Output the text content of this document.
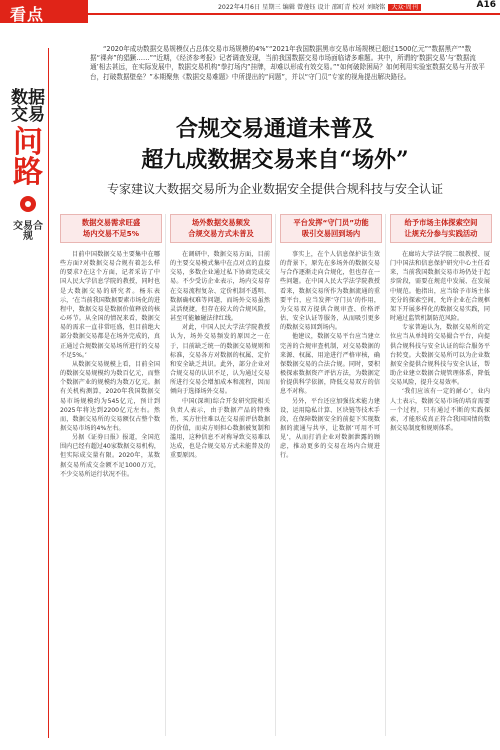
看点	2022年4月6日 星期三 编辑 曾莲钰 设计 邵町青 校对 刘晓铭 大众·周刊	A16
“2020年成功数据交易规模仅占总体交易市场规模的4%”“2021年我国数据黑市交易市场规模已超过1500亿元”“数据黑产”“数据“裸奔”的猖獗……”“近期，《经济参考报》记者调查发现，当前我国数据交易市场面临诸多难题。其中，所谓的‘数据交易’与‘数据流通’相去甚远，在实际发展中，数据交易机构“拳打场内”挂牌，却难以形成有效交易。”“如何破除困局？如何利用实验室数据交易与开放平台，打破数据壁垒？”本期聚焦《数据交易难题》中所提出的“问题”，并以“守门员”专家的视角提出解决路径。
数据交易
问路
交易合规
合规交易通道未普及
超九成数据交易来自“场外”
专家建议大数据交易所为企业数据安全提供合规科技与安全认证
数据交易需求旺盛
场内交易不足5%

目前中国数据交易主要集中在哪些方面?对数据交易合规有着怎么样的要求?在这个方面，记者采访了中国人民大学信息学院的教授，同时也是大数据交易的研究者。杨东表示，‘在当前我国数据要素市场化的进程中，数据交易是数据价值释放的核心环节。从全国的情况来看，数据交易的需求一直非常旺盛，但目前绝大部分数据交易都是在场外完成的，真正通过合规数据交易场所进行的交易不足5%。’

从数据交易规模上看，目前全国的数据交易规模约为数百亿元，而整个数据产业的规模约为数万亿元。据有关机构测算，2020年我国数据交易市场规模约为545亿元，预计到2025年将达到2200亿元左右。然而，数据交易所的交易额仅占整个数据交易市场的4%左右。

另据《证券日报》报道，全国范围内已经有超过40家数据交易机构，但实际成交量有限。2020年，某数据交易所成交金额不足1000万元，不少交易所运行状况不佳。

场外数据交易频发
合规交易方式未普及

在调研中，数据交易方面，目前的主要交易模式集中在点对点的直接交易，多数企业通过私下协商完成交易。不少受访企业表示，场内交易存在交易流程复杂、定价机制不透明、数据确权难等问题，而场外交易虽然灵活便捷，但存在较大的合规风险，甚至可能触碰法律红线。

对此，中国人民大学法学院教授认为，场外交易频发的原因之一在于，目前缺乏统一的数据交易规则和标准，交易各方对数据的权属、定价和安全缺乏共识。此外，部分企业对合规交易的认识不足，认为通过交易所进行交易会增加成本和流程，因而倾向于选择场外交易。

中国(深圳)综合开发研究院相关负责人表示，由于数据产品的特殊性，买方往往难以在交易前评估数据的价值，而卖方则担心数据被复制和滥用，这种信息不对称导致交易难以达成，也是合规交易方式未能普及的重要原因。

平台发挥“守门员”功能
吸引交易回到场内

事实上，在个人信息保护法生效的背景下，原先在多场外的数据交易与合作逐渐走向合规化，但也存在一些问题。在中国人民大学法学院教授看来，数据交易所作为数据流通的重要平台，应当发挥‘守门员’的作用，为交易双方提供合规审查、价格评估、安全认证等服务，从而吸引更多的数据交易回到场内。

他建议，数据交易平台应当建立完善的合规审查机制，对交易数据的来源、权属、用途进行严格审核，确保数据交易的合法合规。同时，要积极探索数据资产评估方法，为数据定价提供科学依据，降低交易双方的信息不对称。

另外，平台还应加强技术能力建设，运用隐私计算、区块链等技术手段，在保障数据安全的前提下实现数据的流通与共享，让数据‘可用不可见’，从而打消企业对数据泄露的顾虑，推动更多的交易在场内合规进行。

给予市场主体探索空间
让规充分参与实践活动

在廊坊大学法学院二级教授、厦门中国法和信息保护研究中心主任看来，当前我国数据交易市场仍处于起步阶段，需要在规范中发展、在发展中规范。他指出，应当给予市场主体充分的探索空间，允许企业在合规框架下开展多样化的数据交易实践，同时通过监管机制防范风险。

专家普遍认为，数据交易所的定位应当从单纯的交易撮合平台，向提供合规科技与安全认证的综合服务平台转变。大数据交易所可以为企业数据安全提供合规科技与安全认证，帮助企业建立数据合规管理体系，降低交易风险，提升交易效率。

‘我们应该有一定的耐心’，业内人士表示，数据交易市场的培育需要一个过程，只有通过不断的实践探索，才能形成真正符合我国国情的数据交易制度和规则体系。
